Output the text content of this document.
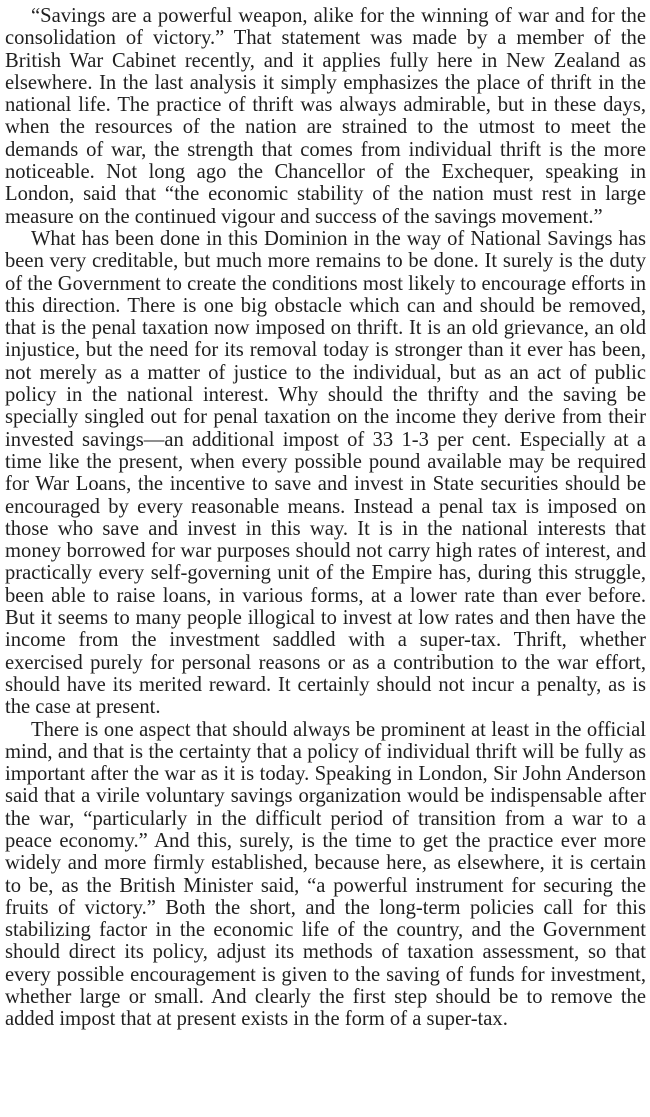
“Savings are a powerful weapon, alike for the winning of war and for the consolidation of victory.” That statement was made by a member of the British War Cabinet recently, and it applies fully here in New Zealand as elsewhere. In the last analysis it simply emphasizes the place of thrift in the national life. The practice of thrift was always admirable, but in these days, when the resources of the nation are strained to the utmost to meet the demands of war, the strength that comes from individual thrift is the more noticeable. Not long ago the Chancellor of the Exchequer, speaking in London, said that “the economic stability of the nation must rest in large measure on the continued vigour and success of the savings movement.”

What has been done in this Dominion in the way of National Savings has been very creditable, but much more remains to be done. It surely is the duty of the Government to create the conditions most likely to encourage efforts in this direction. There is one big obstacle which can and should be removed, that is the penal taxation now imposed on thrift. It is an old grievance, an old injustice, but the need for its removal today is stronger than it ever has been, not merely as a matter of justice to the individual, but as an act of public policy in the national interest. Why should the thrifty and the saving be specially singled out for penal taxation on the income they derive from their invested savings—an additional impost of 33 1-3 per cent. Especially at a time like the present, when every possible pound available may be required for War Loans, the incentive to save and invest in State securities should be encouraged by every reasonable means. Instead a penal tax is imposed on those who save and invest in this way. It is in the national interests that money borrowed for war purposes should not carry high rates of interest, and practically every self-governing unit of the Empire has, during this struggle, been able to raise loans, in various forms, at a lower rate than ever before. But it seems to many people illogical to invest at low rates and then have the income from the investment saddled with a super-tax. Thrift, whether exercised purely for personal reasons or as a contribution to the war effort, should have its merited reward. It certainly should not incur a penalty, as is the case at present.

There is one aspect that should always be prominent at least in the official mind, and that is the certainty that a policy of individual thrift will be fully as important after the war as it is today. Speaking in London, Sir John Anderson said that a virile voluntary savings organization would be indispensable after the war, “particularly in the difficult period of transition from a war to a peace economy.” And this, surely, is the time to get the practice ever more widely and more firmly established, because here, as elsewhere, it is certain to be, as the British Minister said, “a powerful instrument for securing the fruits of victory.” Both the short, and the long-term policies call for this stabilizing factor in the economic life of the country, and the Government should direct its policy, adjust its methods of taxation assessment, so that every possible encouragement is given to the saving of funds for investment, whether large or small. And clearly the first step should be to remove the added impost that at present exists in the form of a super-tax.
